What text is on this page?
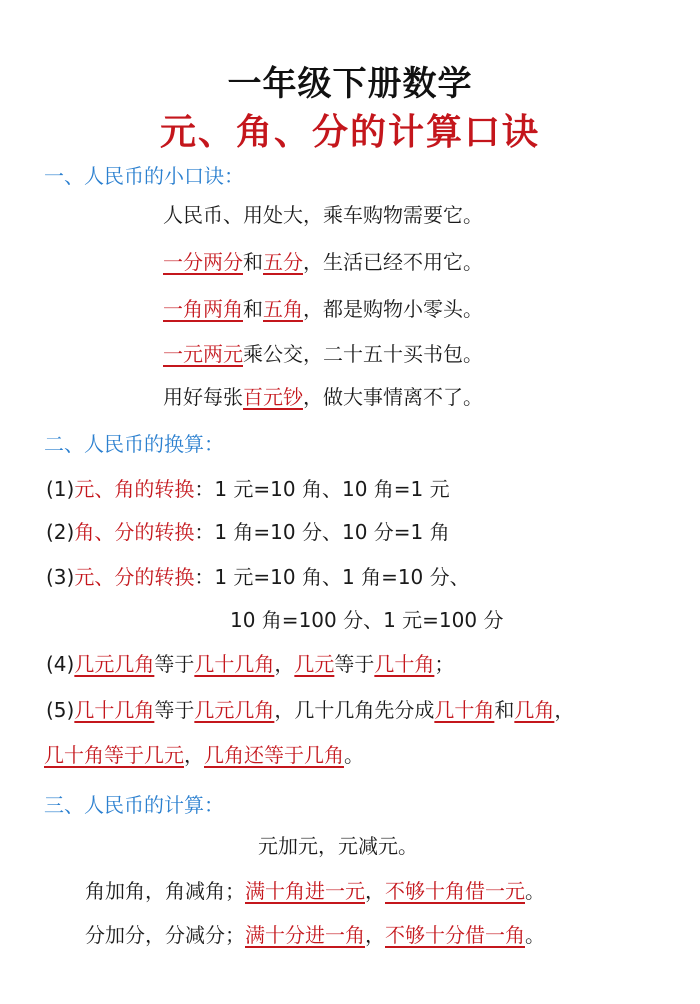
一年级下册数学
元、角、分的计算口诀
一、人民币的小口诀：
人民币、用处大，乘车购物需要它。
一分两分和五分，生活已经不用它。
一角两角和五角，都是购物小零头。
一元两元乘公交，二十五十买书包。
用好每张百元钞，做大事情离不了。
二、人民币的换算：
(1)元、角的转换：1 元=10 角、10 角=1 元
(2)角、分的转换：1 角=10 分、10 分=1 角
(3)元、分的转换：1 元=10 角、1 角=10 分、
10 角=100 分、1 元=100 分
(4)几元几角等于几十几角，几元等于几十角；
(5)几十几角等于几元几角，几十几角先分成几十角和几角，
几十角等于几元，几角还等于几角。
三、人民币的计算：
元加元，元减元。
角加角，角减角；满十角进一元，不够十角借一元。
分加分，分减分；满十分进一角，不够十分借一角。
